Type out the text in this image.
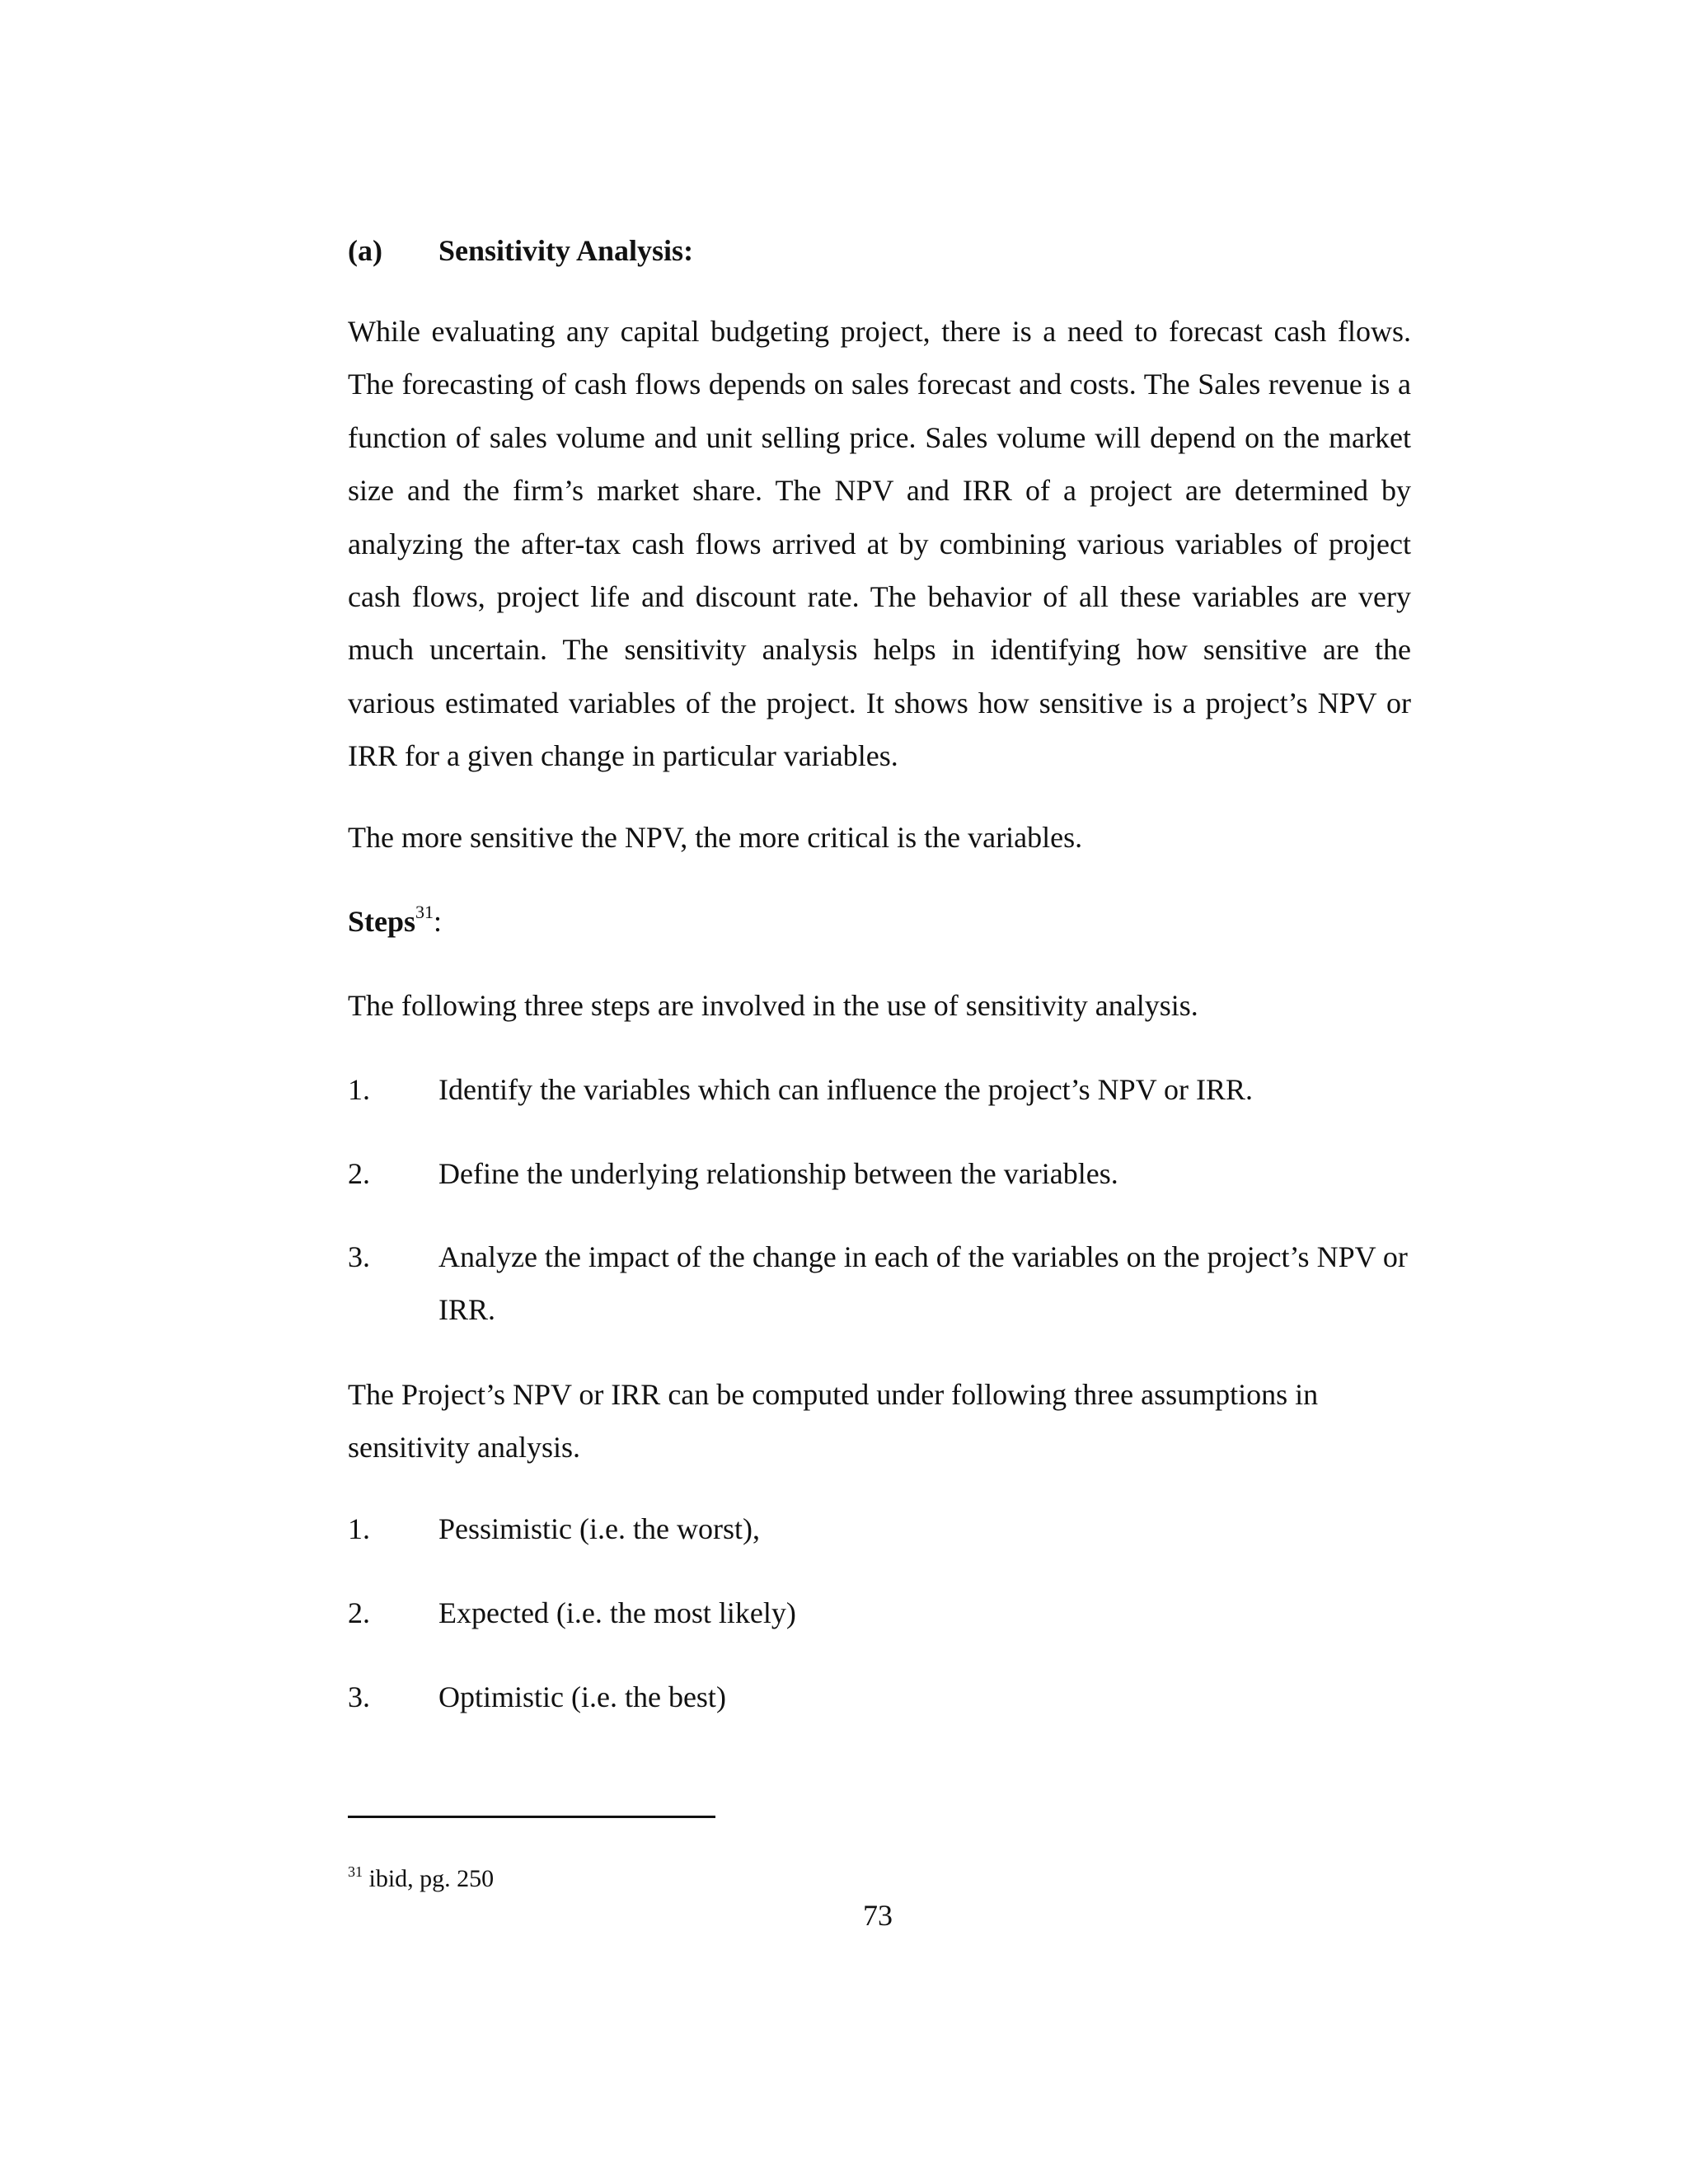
(a) Sensitivity Analysis:

While evaluating any capital budgeting project, there is a need to forecast cash flows. The forecasting of cash flows depends on sales forecast and costs. The Sales revenue is a function of sales volume and unit selling price. Sales volume will depend on the market size and the firm’s market share. The NPV and IRR of a project are determined by analyzing the after-tax cash flows arrived at by combining various variables of project cash flows, project life and discount rate. The behavior of all these variables are very much uncertain. The sensitivity analysis helps in identifying how sensitive are the various estimated variables of the project. It shows how sensitive is a project’s NPV or IRR for a given change in particular variables.

The more sensitive the NPV, the more critical is the variables.

Steps$^{31}$:

The following three steps are involved in the use of sensitivity analysis.

1.	Identify the variables which can influence the project’s NPV or IRR.
2.	Define the underlying relationship between the variables.
3.	Analyze the impact of the change in each of the variables on the project’s NPV or IRR.

The Project’s NPV or IRR can be computed under following three assumptions in sensitivity analysis.

1.	Pessimistic (i.e. the worst),
2.	Expected (i.e. the most likely)
3.	Optimistic (i.e. the best)
$^{31}$ ibid, pg. 250
73
